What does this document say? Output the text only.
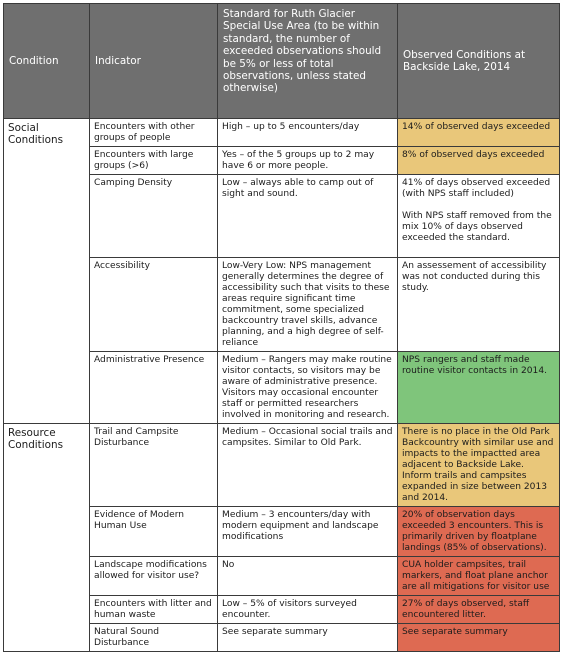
Condition	Indicator	Standard for Ruth Glacier Special Use Area (to be within standard, the number of exceeded observations should be 5% or less of total observations, unless stated otherwise)	Observed Conditions at Backside Lake, 2014
Social Conditions	Encounters with other groups of people	High – up to 5 encounters/day	14% of observed days exceeded
	Encounters with large groups (>6)	Yes – of the 5 groups up to 2 may have 6 or more people.	8% of observed days exceeded
	Camping Density	Low – always able to camp out of sight and sound.	41% of days observed exceeded (with NPS staff included)
With NPS staff removed from the mix 10% of days observed exceeded the standard.

	Accessibility	Low-Very Low: NPS management generally determines the degree of accessibility such that visits to these areas require significant time commitment, some specialized backcountry travel skills, advance planning, and a high degree of self-reliance	An assessement of accessibility was not conducted during this study.
	Administrative Presence	Medium – Rangers may make routine visitor contacts, so visitors may be aware of administrative presence. Visitors may occasional encounter staff or permitted researchers involved in monitoring and research.	NPS rangers and staff made routine visitor contacts in 2014.
Resource Conditions	Trail and Campsite Disturbance	Medium – Occasional social trails and campsites. Similar to Old Park.	There is no place in the Old Park Backcountry with similar use and impacts to the impactted area adjacent to Backside Lake. Inform trails and campsites expanded in size between 2013 and 2014.
	Evidence of Modern Human Use	Medium – 3 encounters/day with modern equipment and landscape modifications	20% of observation days exceeded 3 encounters. This is primarily driven by floatplane landings (85% of observations).
	Landscape modifications allowed for visitor use?	No	CUA holder campsites, trail markers, and float plane anchor are all mitigations for visitor use
	Encounters with litter and human waste	Low – 5% of visitors surveyed encounter.	27% of days observed, staff encountered litter.
	Natural Sound Disturbance	See separate summary	See separate summary
